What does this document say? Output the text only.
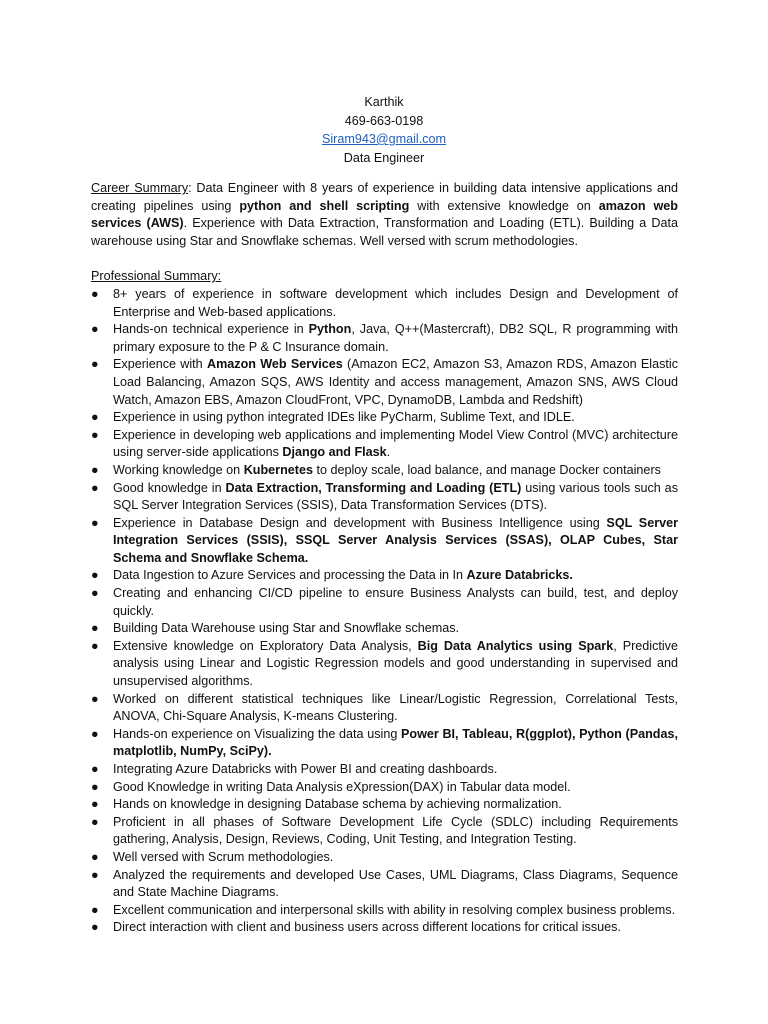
Karthik
469-663-0198
Siram943@gmail.com
Data Engineer

Career Summary: Data Engineer with 8 years of experience in building data intensive applications and creating pipelines using python and shell scripting with extensive knowledge on amazon web services (AWS). Experience with Data Extraction, Transformation and Loading (ETL). Building a Data warehouse using Star and Snowflake schemas. Well versed with scrum methodologies.

Professional Summary:
●	8+ years of experience in software development which includes Design and Development of Enterprise and Web-based applications.
●	Hands-on technical experience in Python, Java, Q++(Mastercraft), DB2 SQL, R programming with primary exposure to the P & C Insurance domain.
●	Experience with Amazon Web Services (Amazon EC2, Amazon S3, Amazon RDS, Amazon Elastic Load Balancing, Amazon SQS, AWS Identity and access management, Amazon SNS, AWS Cloud Watch, Amazon EBS, Amazon CloudFront, VPC, DynamoDB, Lambda and Redshift)
●	Experience in using python integrated IDEs like PyCharm, Sublime Text, and IDLE.
●	Experience in developing web applications and implementing Model View Control (MVC) architecture using server-side applications Django and Flask.
●	Working knowledge on Kubernetes to deploy scale, load balance, and manage Docker containers
●	Good knowledge in Data Extraction, Transforming and Loading (ETL) using various tools such as SQL Server Integration Services (SSIS), Data Transformation Services (DTS).
●	Experience in Database Design and development with Business Intelligence using SQL Server Integration Services (SSIS), SSQL Server Analysis Services (SSAS), OLAP Cubes, Star Schema and Snowflake Schema.
●	Data Ingestion to Azure Services and processing the Data in In Azure Databricks.
●	Creating and enhancing CI/CD pipeline to ensure Business Analysts can build, test, and deploy quickly.
●	Building Data Warehouse using Star and Snowflake schemas.
●	Extensive knowledge on Exploratory Data Analysis, Big Data Analytics using Spark, Predictive analysis using Linear and Logistic Regression models and good understanding in supervised and unsupervised algorithms.
●	Worked on different statistical techniques like Linear/Logistic Regression, Correlational Tests, ANOVA, Chi-Square Analysis, K-means Clustering.
●	Hands-on experience on Visualizing the data using Power BI, Tableau, R(ggplot), Python (Pandas, matplotlib, NumPy, SciPy).
●	Integrating Azure Databricks with Power BI and creating dashboards.
●	Good Knowledge in writing Data Analysis eXpression(DAX) in Tabular data model.
●	Hands on knowledge in designing Database schema by achieving normalization.
●	Proficient in all phases of Software Development Life Cycle (SDLC) including Requirements gathering, Analysis, Design, Reviews, Coding, Unit Testing, and Integration Testing.
●	Well versed with Scrum methodologies.
●	Analyzed the requirements and developed Use Cases, UML Diagrams, Class Diagrams, Sequence and State Machine Diagrams.
●	Excellent communication and interpersonal skills with ability in resolving complex business problems.
●	Direct interaction with client and business users across different locations for critical issues.
